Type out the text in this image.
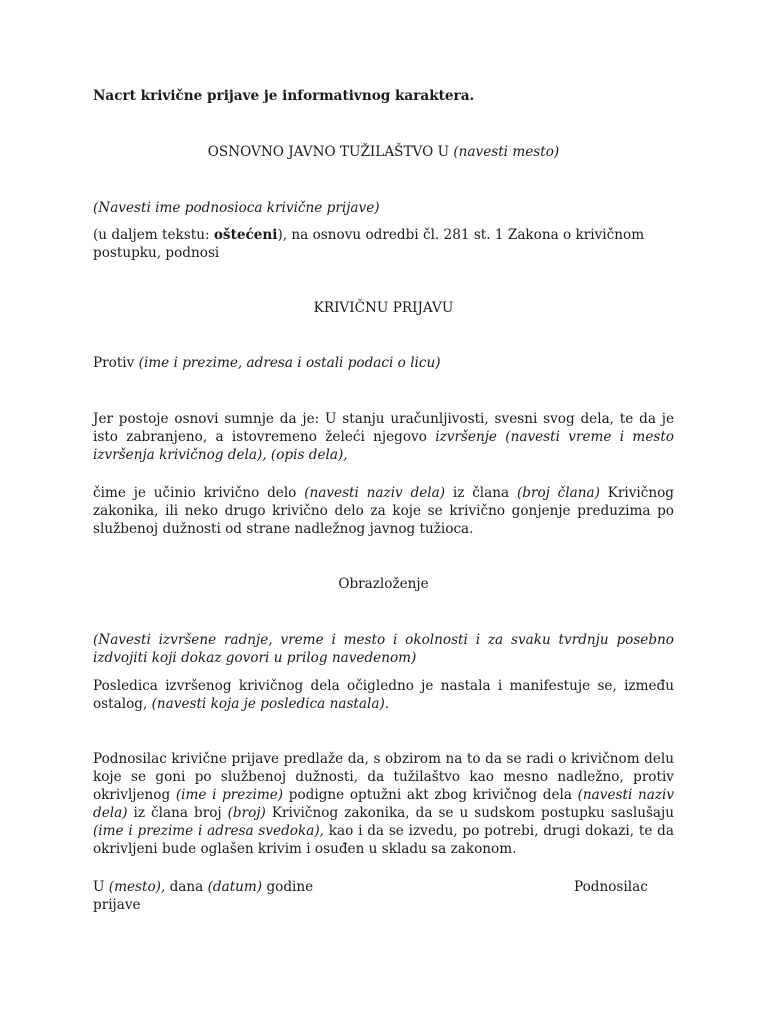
Nacrt krivične prijave je informativnog karaktera.

OSNOVNO JAVNO TUŽILAŠTVO U (navesti mesto)

(Navesti ime podnosioca krivične prijave)

(u daljem tekstu: oštećeni), na osnovu odredbi čl. 281 st. 1 Zakona o krivičnom postupku, podnosi

KRIVIČNU PRIJAVU

Protiv (ime i prezime, adresa i ostali podaci o licu)

Jer postoje osnovi sumnje da je: U stanju uračunljivosti, svesni svog dela, te da je isto zabranjeno, a istovremeno želeći njegovo izvršenje (navesti vreme i mesto izvršenja krivičnog dela), (opis dela),

čime je učinio krivično delo (navesti naziv dela) iz člana (broj člana) Krivičnog zakonika, ili neko drugo krivično delo za koje se krivično gonjenje preduzima po službenoj dužnosti od strane nadležnog javnog tužioca.

Obrazloženje

(Navesti izvršene radnje, vreme i mesto i okolnosti i za svaku tvrdnju posebno izdvojiti koji dokaz govori u prilog navedenom)

Posledica izvršenog krivičnog dela očigledno je nastala i manifestuje se, između ostalog, (navesti koja je posledica nastala).

Podnosilac krivične prijave predlaže da, s obzirom na to da se radi o krivičnom delu koje se goni po službenoj dužnosti, da tužilaštvo kao mesno nadležno, protiv okrivljenog (ime i prezime) podigne optužni akt zbog krivičnog dela (navesti naziv dela) iz člana broj (broj) Krivičnog zakonika, da se u sudskom postupku saslušaju (ime i prezime i adresa svedoka), kao i da se izvedu, po potrebi, drugi dokazi, te da okrivljeni bude oglašen krivim i osuđen u skladu sa zakonom.

U (mesto), dana (datum) godine	Podnosilac
prijave
